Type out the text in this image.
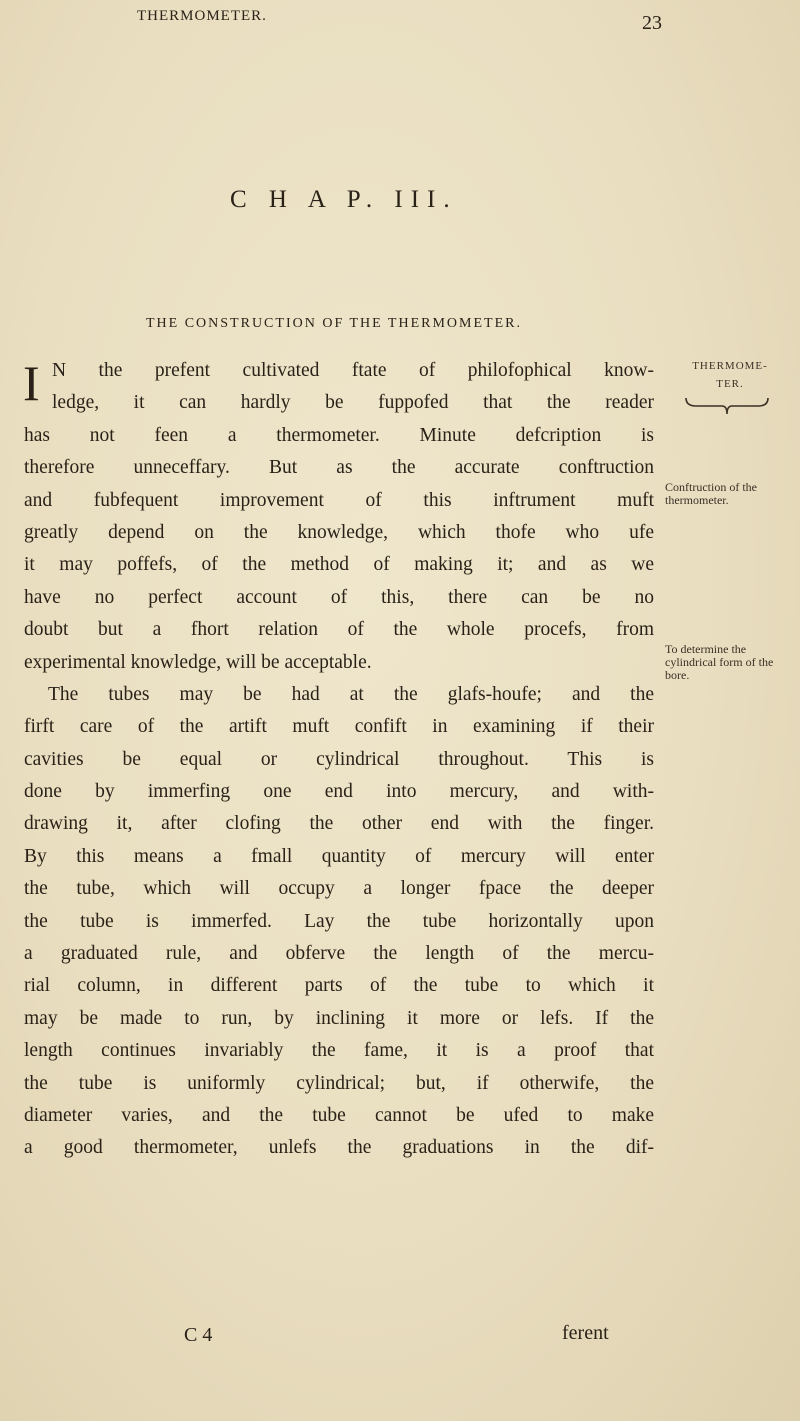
THERMOMETER.	23
C H A P. III.
THE CONSTRUCTION OF THE THERMOMETER.
I N the prefent cultivated ftate of philofophical know-
ledge, it can hardly be fuppofed that the reader
has not feen a thermometer. Minute defcription is
therefore unneceffary. But as the accurate conftruction
and fubfequent improvement of this inftrument muft
greatly depend on the knowledge, which thofe who ufe
it may poffefs, of the method of making it; and as we
have no perfect account of this, there can be no
doubt but a fhort relation of the whole procefs, from
experimental knowledge, will be acceptable.
The tubes may be had at the glafs-houfe; and the
firft care of the artift muft confift in examining if their
cavities be equal or cylindrical throughout. This is
done by immerfing one end into mercury, and with-
drawing it, after clofing the other end with the finger.
By this means a fmall quantity of mercury will enter
the tube, which will occupy a longer fpace the deeper
the tube is immerfed. Lay the tube horizontally upon
a graduated rule, and obferve the length of the mercu-
rial column, in different parts of the tube to which it
may be made to run, by inclining it more or lefs. If the
length continues invariably the fame, it is a proof that
the tube is uniformly cylindrical; but, if otherwife, the
diameter varies, and the tube cannot be ufed to make
a good thermometer, unlefs the graduations in the dif-
THERMOME-
TER.
Conftruction of the thermometer.
To determine the cylindrical form of the bore.
C 4	ferent
